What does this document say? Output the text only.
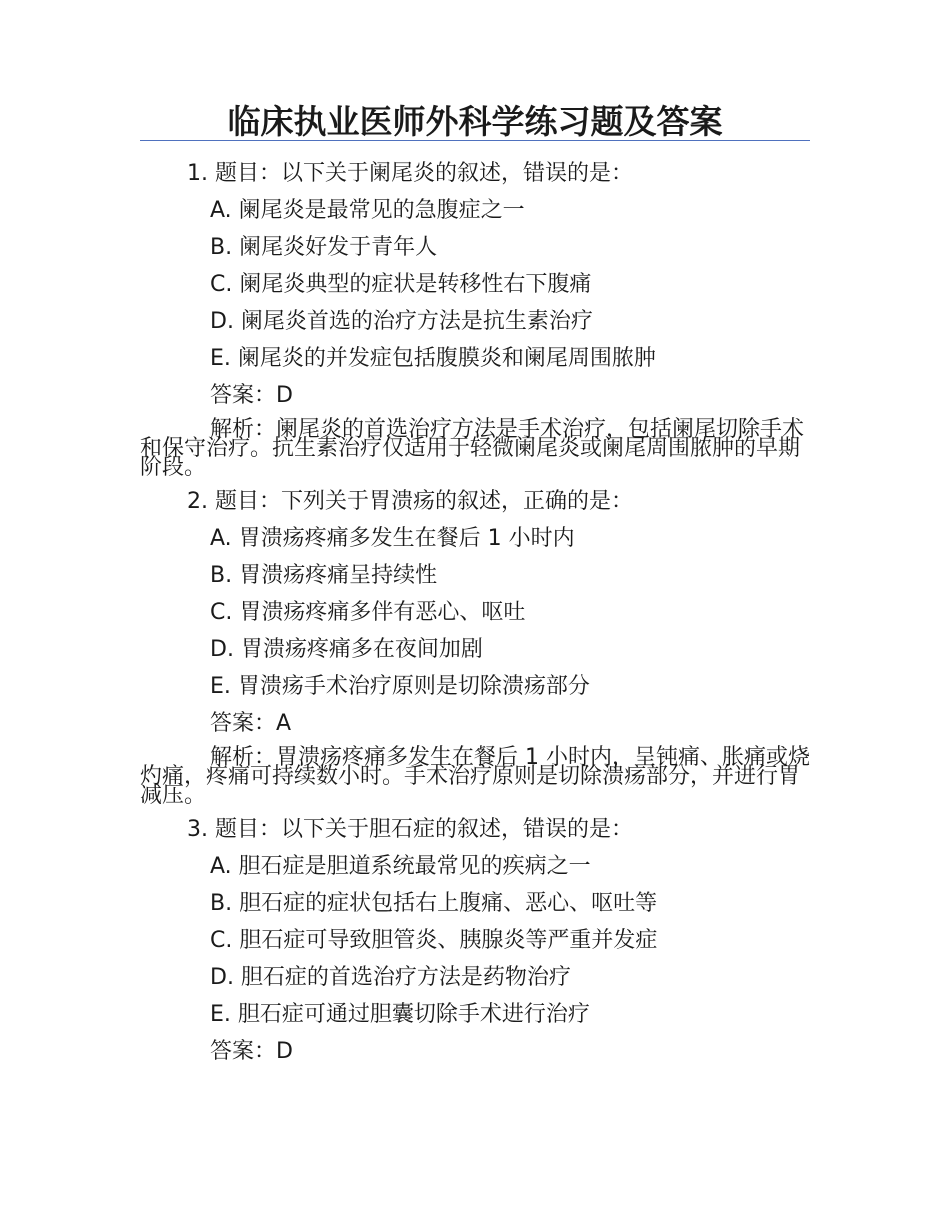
临床执业医师外科学练习题及答案
1. 题目：以下关于阑尾炎的叙述，错误的是：
A. 阑尾炎是最常见的急腹症之一
B. 阑尾炎好发于青年人
C. 阑尾炎典型的症状是转移性右下腹痛
D. 阑尾炎首选的治疗方法是抗生素治疗
E. 阑尾炎的并发症包括腹膜炎和阑尾周围脓肿
答案：D
解析：阑尾炎的首选治疗方法是手术治疗，包括阑尾切除手术和保守治疗。抗生素治疗仅适用于轻微阑尾炎或阑尾周围脓肿的早期阶段。
2. 题目：下列关于胃溃疡的叙述，正确的是：
A. 胃溃疡疼痛多发生在餐后 1 小时内
B. 胃溃疡疼痛呈持续性
C. 胃溃疡疼痛多伴有恶心、呕吐
D. 胃溃疡疼痛多在夜间加剧
E. 胃溃疡手术治疗原则是切除溃疡部分
答案：A
解析：胃溃疡疼痛多发生在餐后 1 小时内，呈钝痛、胀痛或烧灼痛，疼痛可持续数小时。手术治疗原则是切除溃疡部分，并进行胃减压。
3. 题目：以下关于胆石症的叙述，错误的是：
A. 胆石症是胆道系统最常见的疾病之一
B. 胆石症的症状包括右上腹痛、恶心、呕吐等
C. 胆石症可导致胆管炎、胰腺炎等严重并发症
D. 胆石症的首选治疗方法是药物治疗
E. 胆石症可通过胆囊切除手术进行治疗
答案：D
